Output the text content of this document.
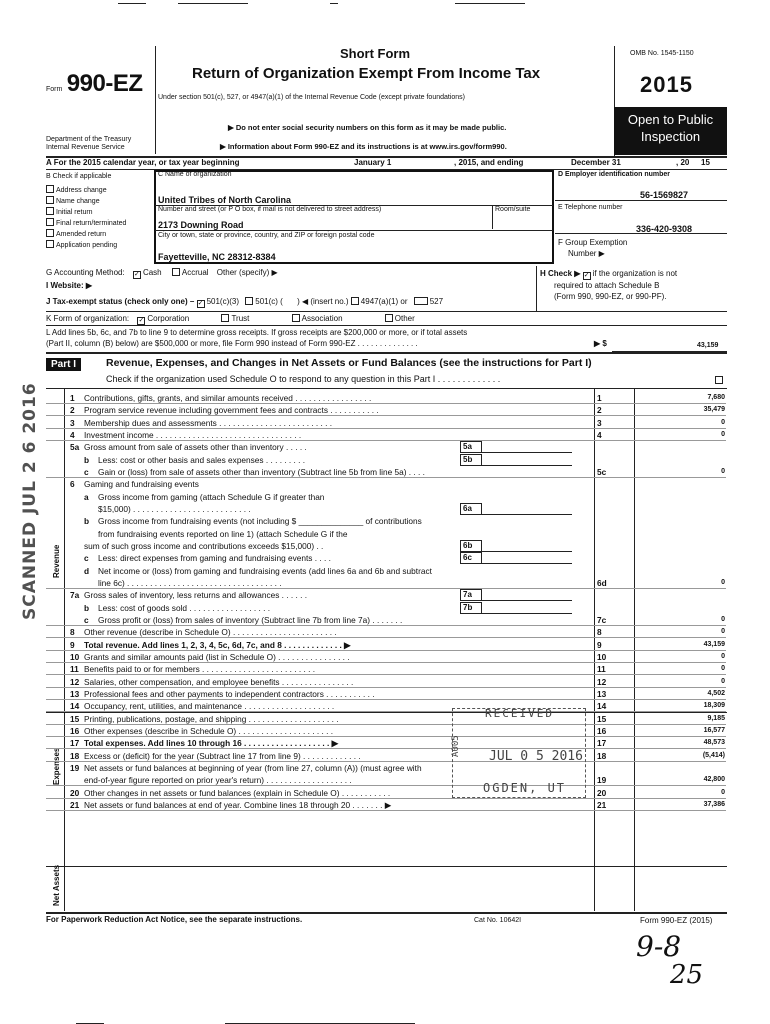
Form 990-EZ
Department of the Treasury
Internal Revenue Service
Short Form
Return of Organization Exempt From Income Tax
Under section 501(c), 527, or 4947(a)(1) of the Internal Revenue Code (except private foundations)
▶ Do not enter social security numbers on this form as it may be made public.
▶ Information about Form 990-EZ and its instructions is at www.irs.gov/form990.
OMB No. 1545-1150
2015
Open to Public
Inspection
A For the 2015 calendar year, or tax year beginning	January 1	, 2015, and ending	December 31	, 20 15
B Check if applicable
Address change
Name change
Initial return
Final return/terminated
Amended return
Application pending
C Name of organization
United Tribes of North Carolina
Number and street (or P O box, if mail is not delivered to street address)	Room/suite
2173 Downing Road
City or town, state or province, country, and ZIP or foreign postal code
Fayetteville, NC 28312-8384
D Employer identification number
56-1569827
E Telephone number
336-420-9308
F Group Exemption
Number ▶
G Accounting Method: ✓ Cash	Accrual Other (specify) ▶	H Check ▶ ✓ if the organization is not
required to attach Schedule B
(Form 990, 990-EZ, or 990-PF).
I Website: ▶
J Tax-exempt status (check only one) – ✓ 501(c)(3) 501(c) ( ) ◀ (insert no.) 4947(a)(1) or	527
K Form of organization: ✓ Corporation	Trust	Association	Other
L Add lines 5b, 6c, and 7b to line 9 to determine gross receipts. If gross receipts are $200,000 or more, or if total assets
(Part II, column (B) below) are $500,000 or more, file Form 990 instead of Form 990-EZ . . . . . . . . . . . . . .	▶ $	43,159
Part I	Revenue, Expenses, and Changes in Net Assets or Fund Balances (see the instructions for Part I)
Check if the organization used Schedule O to respond to any question in this Part I . . . . . . . . . . . . .
Revenue
Expenses
Net Assets
1	Contributions, gifts, grants, and similar amounts received . . . . . . . . . . . . . . . . .	1	7,680
2	Program service revenue including government fees and contracts . . . . . . . . . . .	2	35,479
3	Membership dues and assessments . . . . . . . . . . . . . . . . . . . . . . . . .	3	0
4	Investment income . . . . . . . . . . . . . . . . . . . . . . . . . . . . . . . .	4	0
5a Gross amount from sale of assets other than inventory . . . . .	5a
b	Less: cost or other basis and sales expenses . . . . . . . . .	5b
c	Gain or (loss) from sale of assets other than inventory (Subtract line 5b from line 5a) . . . .	5c	0
6	Gaming and fundraising events
a	Gross income from gaming (attach Schedule G if greater than
$15,000) . . . . . . . . . . . . . . . . . . . . . . . . . .	6a
b	Gross income from fundraising events (not including $ ______________ of contributions
from fundraising events reported on line 1) (attach Schedule G if the
sum of such gross income and contributions exceeds $15,000) . .	6b
c	Less: direct expenses from gaming and fundraising events . . . .	6c
d	Net income or (loss) from gaming and fundraising events (add lines 6a and 6b and subtract
line 6c) . . . . . . . . . . . . . . . . . . . . . . . . . . . . . . . . . .	6d	0
7a Gross sales of inventory, less returns and allowances . . . . . .	7a
b	Less: cost of goods sold . . . . . . . . . . . . . . . . . .	7b
c	Gross profit or (loss) from sales of inventory (Subtract line 7b from line 7a) . . . . . . .	7c	0
8	Other revenue (describe in Schedule O) . . . . . . . . . . . . . . . . . . . . . . .	8	0
9	Total revenue. Add lines 1, 2, 3, 4, 5c, 6d, 7c, and 8 . . . . . . . . . . . . . ▶	9	43,159
10 Grants and similar amounts paid (list in Schedule O) . . . . . . . . . . . . . . . .	10	0
11 Benefits paid to or for members . . . . . . . . . . . . . . . . . . . . . . . . .	11	0
12 Salaries, other compensation, and employee benefits . . . . . . . . . . . . . . . .	12	0
13 Professional fees and other payments to independent contractors . . . . . . . . . . .	13	4,502
14 Occupancy, rent, utilities, and maintenance . . . . . . . . . . . . . . . . . . . .	14	18,309
15 Printing, publications, postage, and shipping . . . . . . . . . . . . . . . . . . . .	15	9,185
16 Other expenses (describe in Schedule O) . . . . . . . . . . . . . . . . . . . . .	16	16,577
17 Total expenses. Add lines 10 through 16 . . . . . . . . . . . . . . . . . . . ▶	17	48,573
18 Excess or (deficit) for the year (Subtract line 17 from line 9) . . . . . . . . . . . . .	18	(5,414)
19 Net assets or fund balances at beginning of year (from line 27, column (A)) (must agree with
end-of-year figure reported on prior year's return) . . . . . . . . . . . . . . . . . . .	19	42,800
20 Other changes in net assets or fund balances (explain in Schedule O) . . . . . . . . . . .	20	0
21 Net assets or fund balances at end of year. Combine lines 18 through 20 . . . . . . . ▶	21	37,386
For Paperwork Reduction Act Notice, see the separate instructions.	Cat No. 10642I	Form 990-EZ (2015)
SCANNED JUL 2 6 2016
RECEIVED
JUL 0 5 2016
A005
OGDEN, UT
9-8
25
